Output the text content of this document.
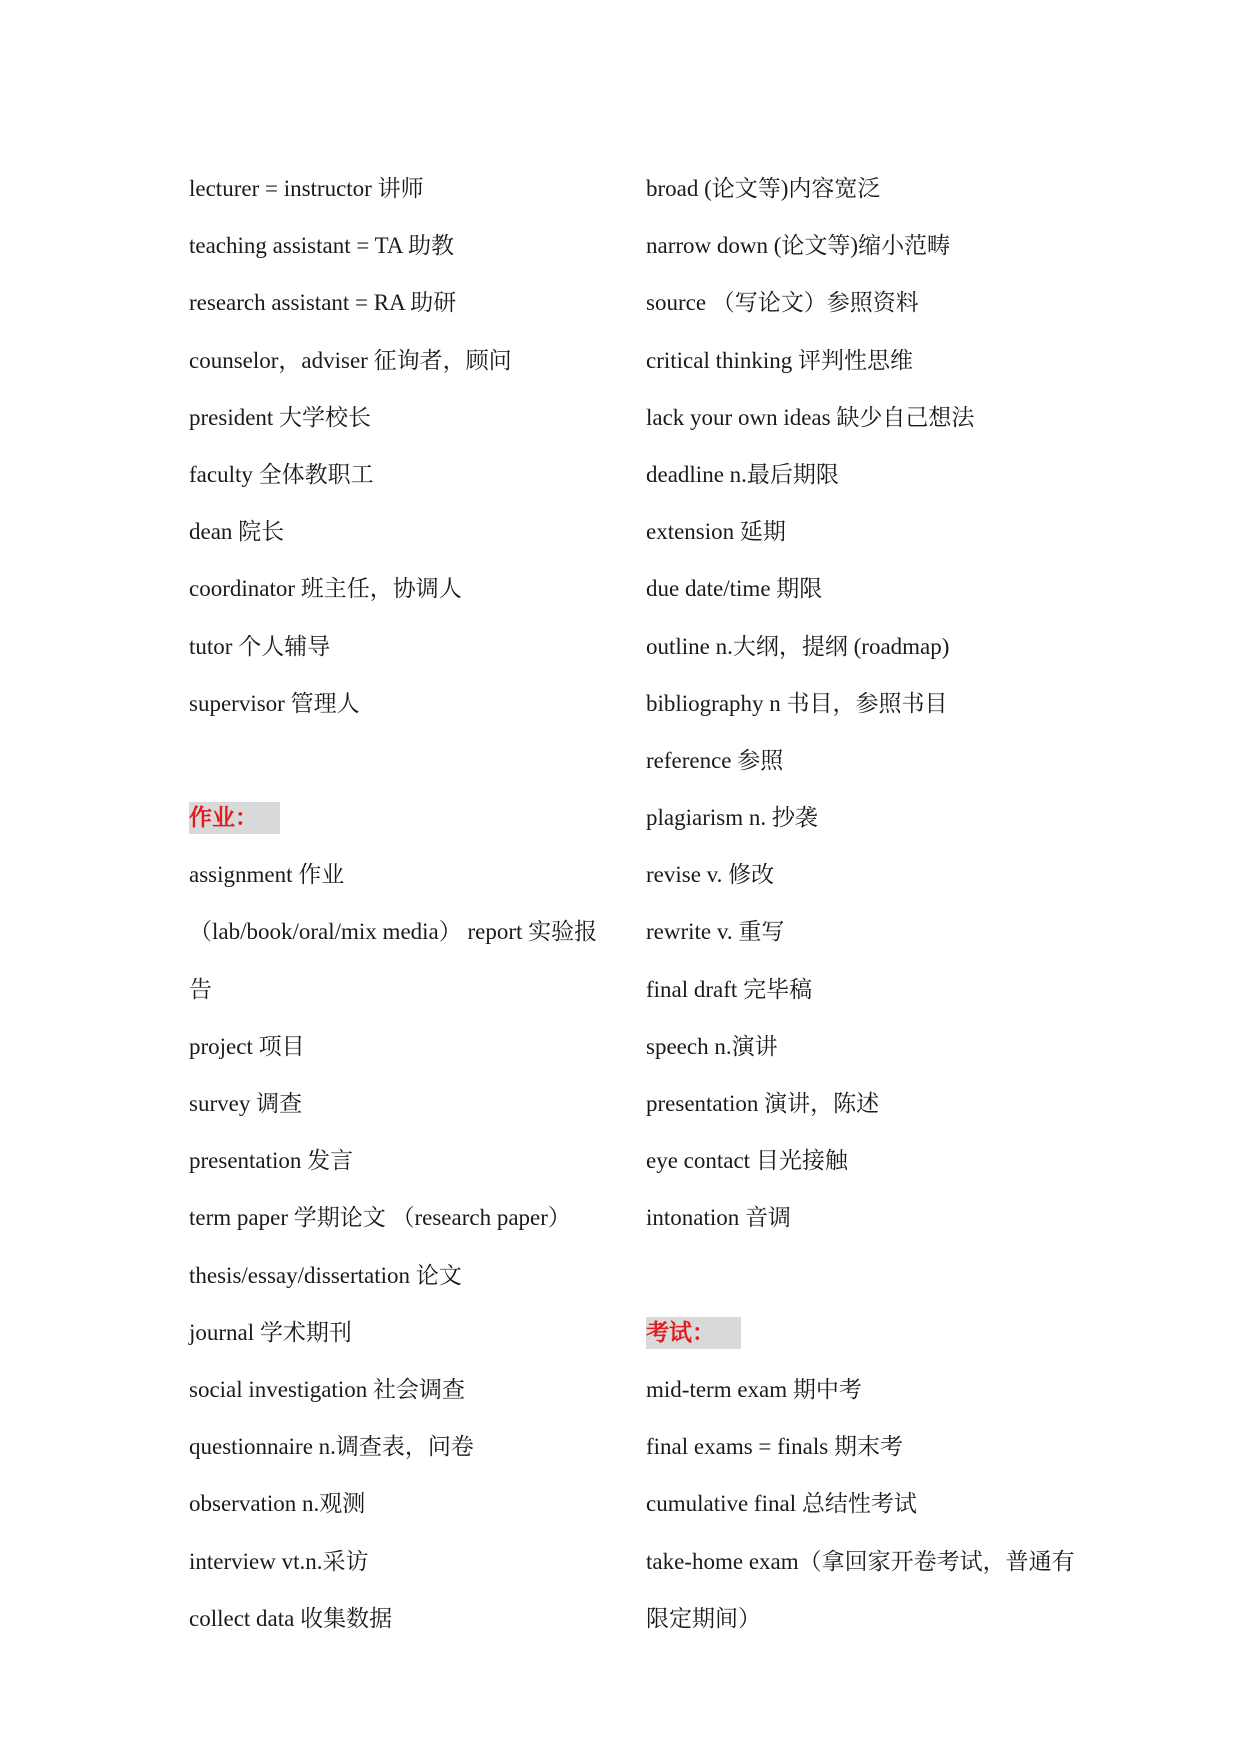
lecturer = instructor 讲师
teaching assistant = TA 助教
research assistant = RA 助研
counselor，adviser 征询者，顾问
president 大学校长
faculty 全体教职工
dean 院长
coordinator 班主任，协调人
tutor 个人辅导
supervisor 管理人
作业：
assignment 作业
（lab/book/oral/mix media） report 实验报告
project 项目
survey 调查
presentation 发言
term paper 学期论文 （research paper）
thesis/essay/dissertation 论文
journal 学术期刊
social investigation 社会调查
questionnaire n.调查表，问卷
observation n.观测
interview vt.n.采访
collect data 收集数据
broad (论文等)内容宽泛
narrow down (论文等)缩小范畴
source （写论文）参照资料
critical thinking 评判性思维
lack your own ideas 缺少自己想法
deadline n.最后期限
extension 延期
due date/time 期限
outline n.大纲，提纲 (roadmap)
bibliography n 书目，参照书目
reference 参照
plagiarism n. 抄袭
revise v. 修改
rewrite v. 重写
final draft 完毕稿
speech n.演讲
presentation 演讲，陈述
eye contact 目光接触
intonation 音调
考试：
mid-term exam 期中考
final exams = finals 期末考
cumulative final 总结性考试
take-home exam（拿回家开卷考试，普通有限定期间）
